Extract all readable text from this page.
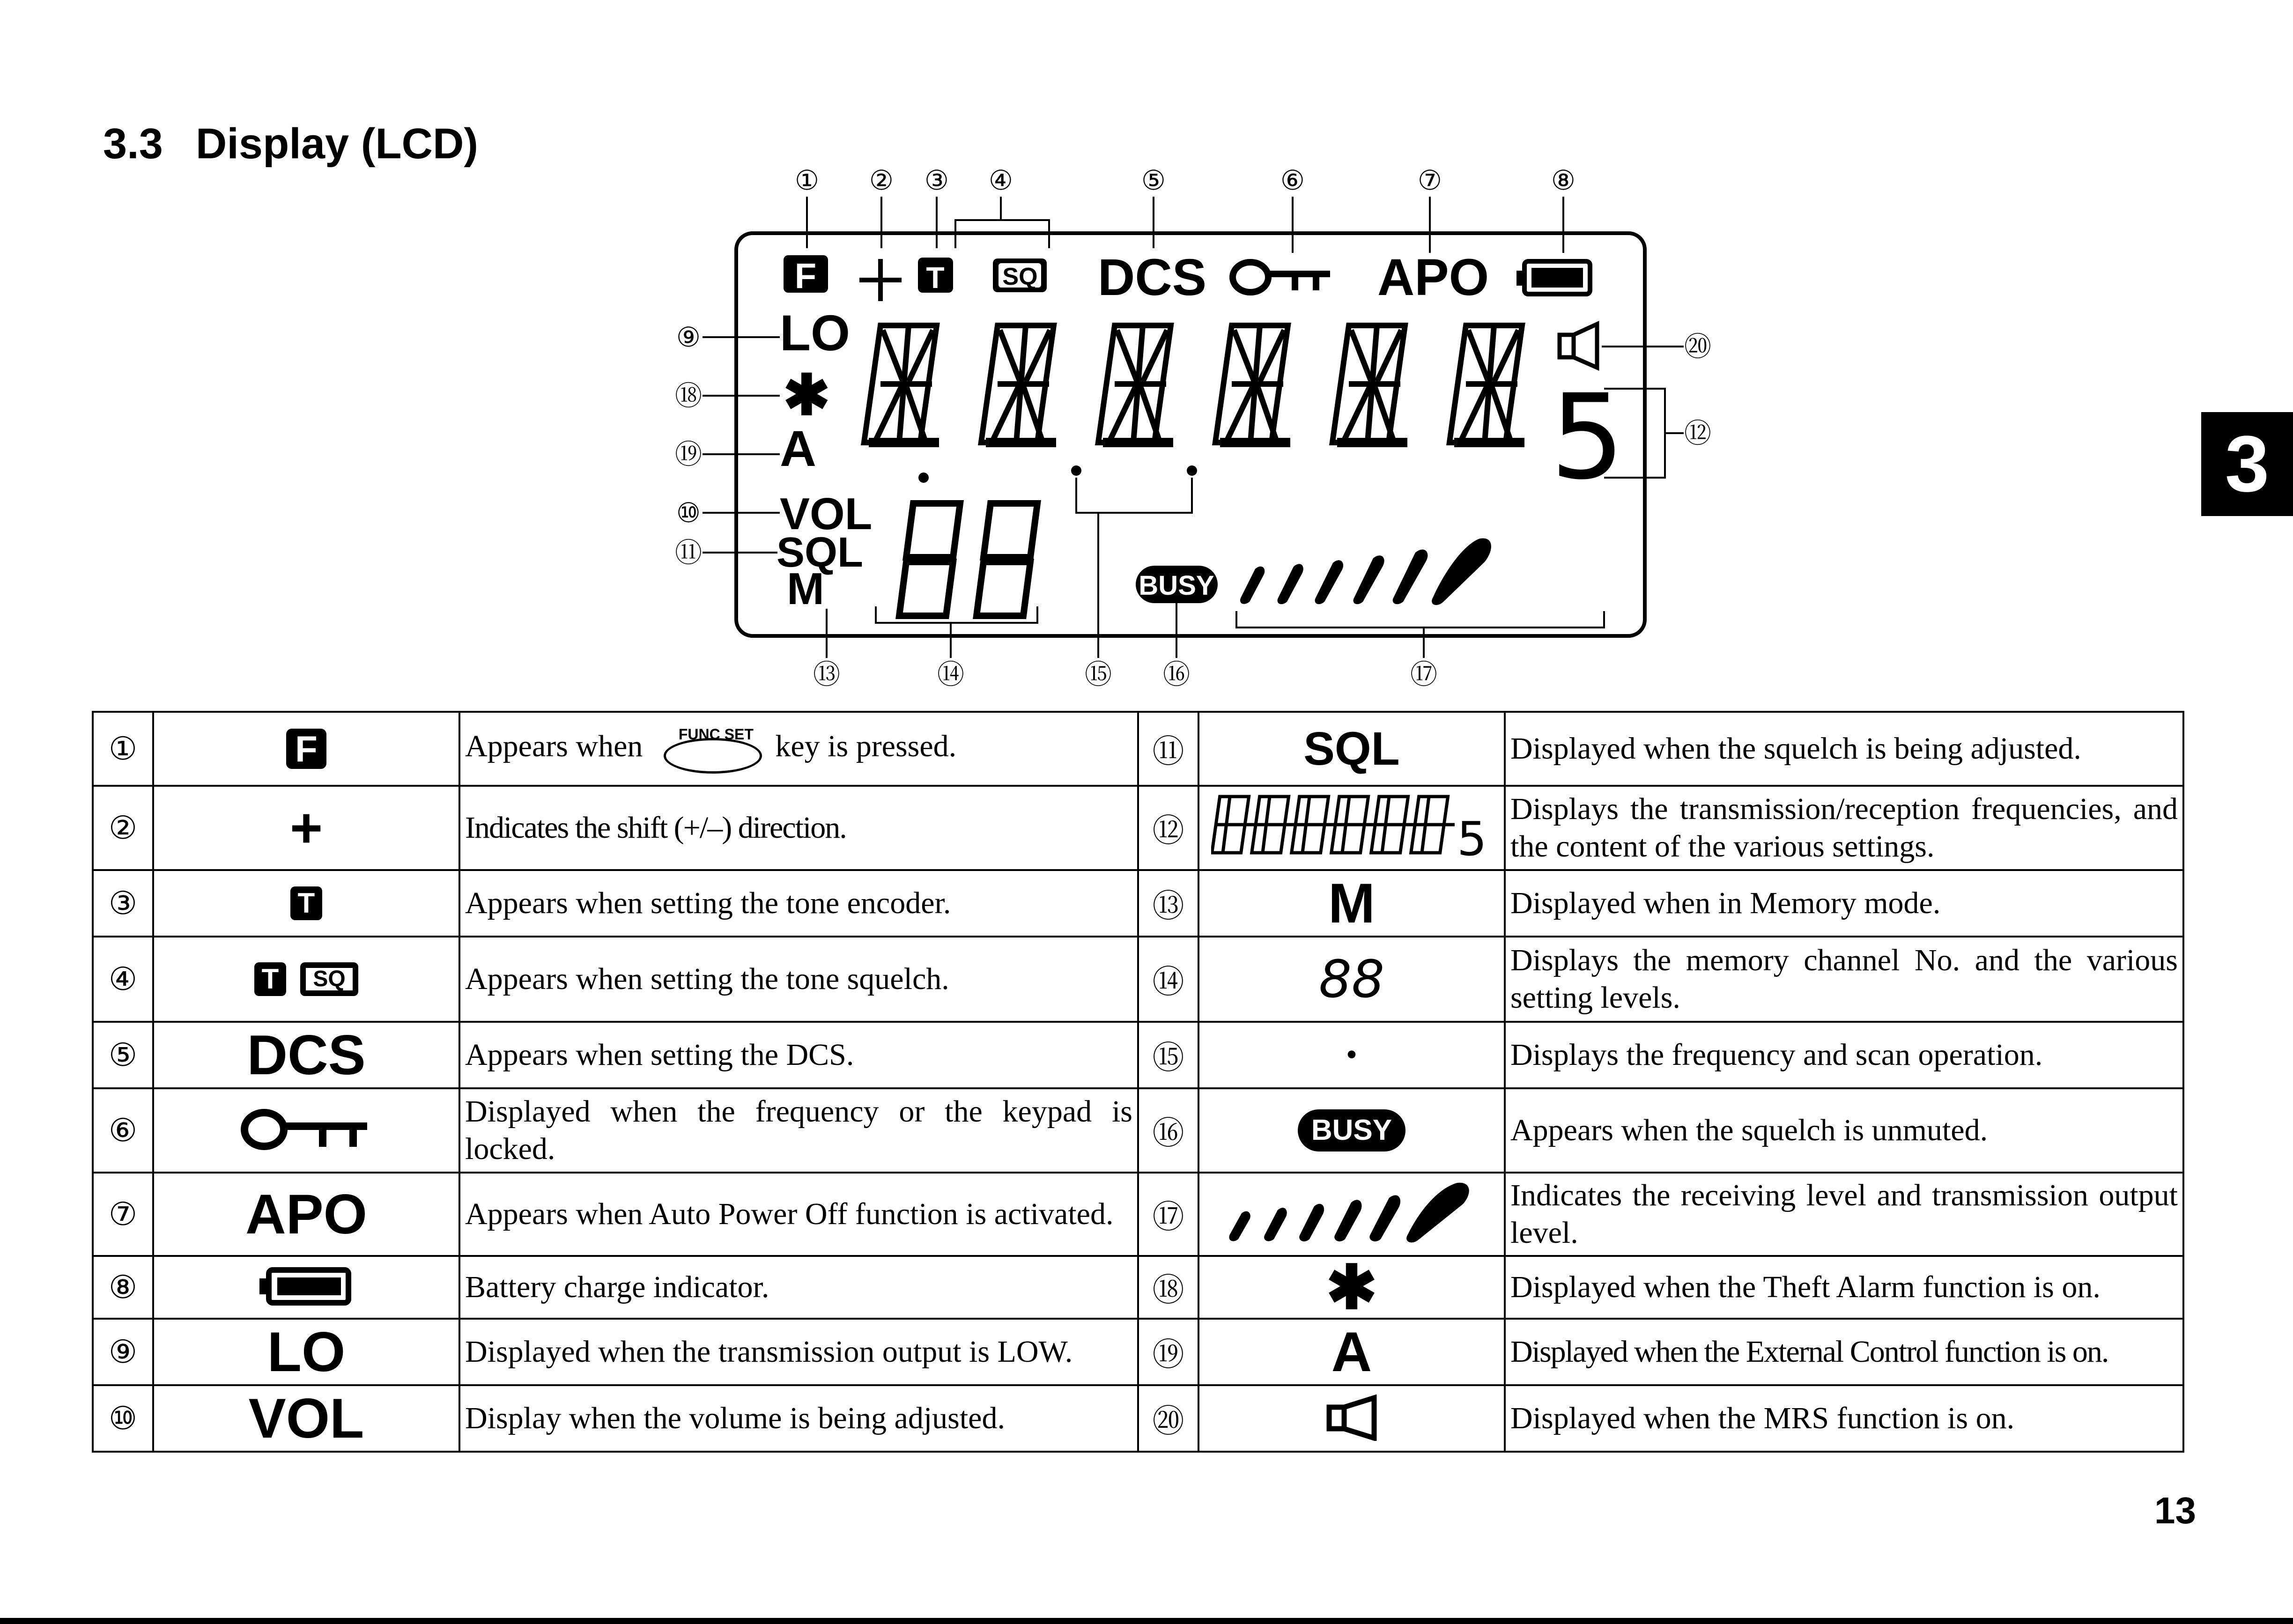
3.3 Display (LCD)
① ② ③ ④	⑤	⑥	⑦	⑧
F	T SQ DCS	APO
LO
✱
A
VOL
SQL
M
⑨
⑱
⑲
⑩
⑪
5
⑳
⑫
BUSY
⑬	⑭	⑮ ⑯	⑰
①	F	Appears when FUNC SET key is pressed.	⑪	SQL	Displayed when the squelch is being adjusted.
②	+	Indicates the shift (+/–) direction.	⑫	5	Displays the transmission/reception frequencies, and the content of the various settings.
③	T	Appears when setting the tone encoder.	⑬	M	Displayed when in Memory mode.
④	T SQ	Appears when setting the tone squelch.	⑭	88	Displays the memory channel No. and the various setting levels.
⑤	DCS	Appears when setting the DCS.	⑮	•	Displays the frequency and scan operation.
⑥		Displayed when the frequency or the keypad is locked.	⑯	BUSY	Appears when the squelch is unmuted.
⑦	APO	Appears when Auto Power Off function is activated.	⑰		Indicates the receiving level and transmission output level.
⑧		Battery charge indicator.	⑱	✱	Displayed when the Theft Alarm function is on.
⑨	LO	Displayed when the transmission output is LOW.	⑲	A	Displayed when the External Control function is on.
⑩	VOL	Display when the volume is being adjusted.	⑳		Displayed when the MRS function is on.
3
13
